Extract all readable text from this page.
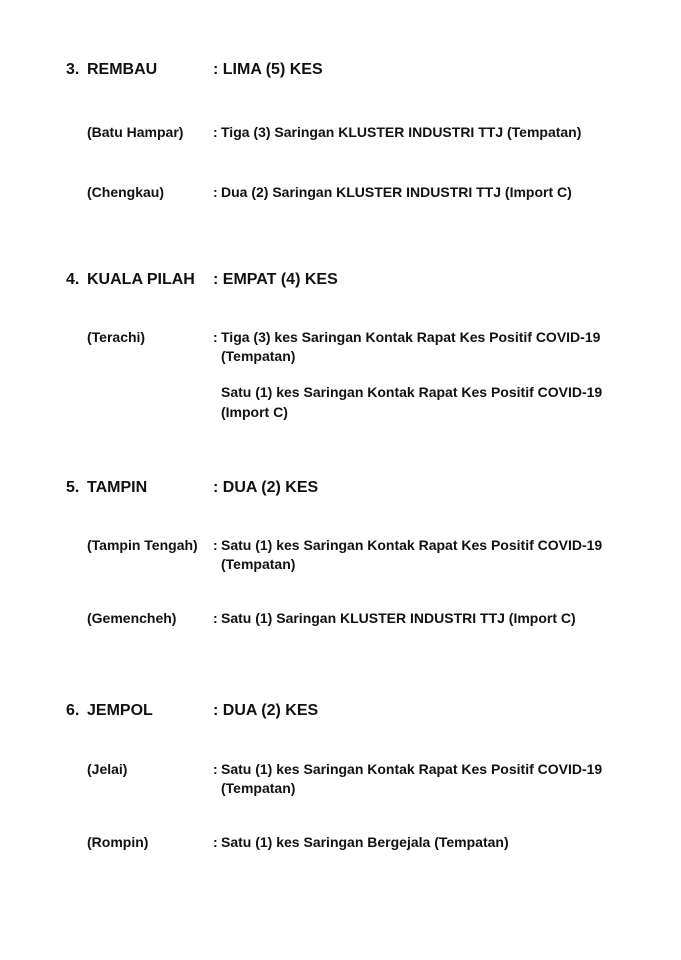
3. REMBAU	: LIMA (5) KES
(Batu Hampar) : Tiga (3) Saringan KLUSTER INDUSTRI TTJ (Tempatan)
(Chengkau)	: Dua (2) Saringan KLUSTER INDUSTRI TTJ (Import C)
4. KUALA PILAH : EMPAT (4) KES
(Terachi)	: Tiga (3) kes Saringan Kontak Rapat Kes Positif COVID-19
(Tempatan)
Satu (1) kes Saringan Kontak Rapat Kes Positif COVID-19
(Import C)
5. TAMPIN	: DUA (2) KES
(Tampin Tengah) : Satu (1) kes Saringan Kontak Rapat Kes Positif COVID-19
(Tempatan)
(Gemencheh)	: Satu (1) Saringan KLUSTER INDUSTRI TTJ (Import C)
6. JEMPOL	: DUA (2) KES
(Jelai)	: Satu (1) kes Saringan Kontak Rapat Kes Positif COVID-19
(Tempatan)
(Rompin)	: Satu (1) kes Saringan Bergejala (Tempatan)
